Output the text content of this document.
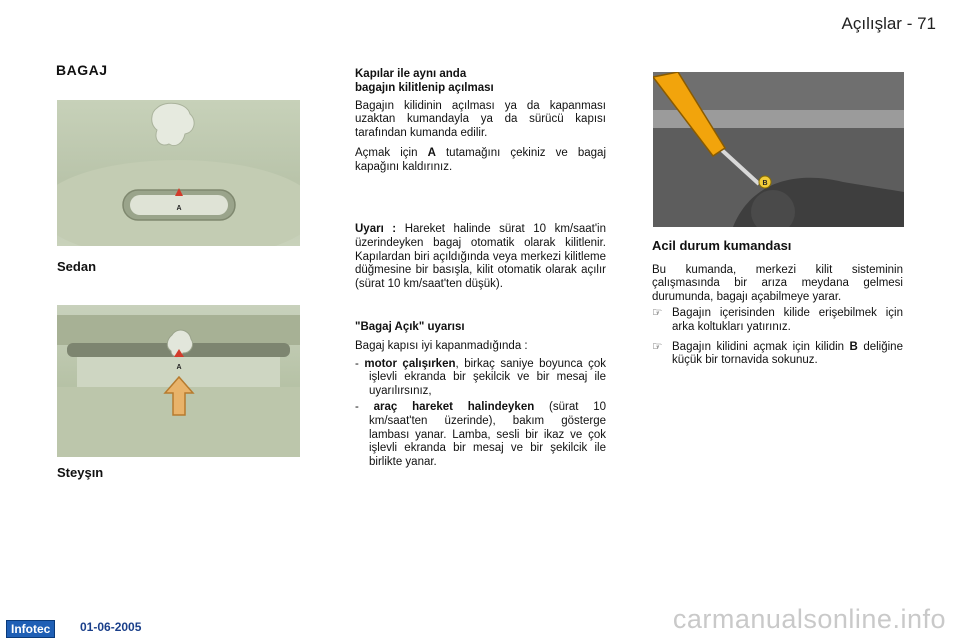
Açılışlar - 71
BAGAJ
A

Sedan

A

Steyşın

Kapılar ile aynı anda

bagajın kilitlenip açılması

Bagajın kilidinin açılması ya da kapanması uzaktan kumandayla ya da sürücü kapısı tarafından kumanda edilir.

Açmak için A tutamağını çekiniz ve bagaj kapağını kaldırınız.

Uyarı : Hareket halinde sürat 10 km/saat'in üzerindeyken bagaj otomatik olarak kilitlenir. Kapılardan biri açıldığında veya merkezi kilitleme düğmesine bir basışla, kilit otomatik olarak açılır (sürat 10 km/saat'ten düşük).

"Bagaj Açık" uyarısı

Bagaj kapısı iyi kapanmadığında :

- motor çalışırken, birkaç saniye boyunca çok işlevli ekranda bir şekilcik ve bir mesaj ile uyarılırsınız,

- araç hareket halindeyken (sürat 10 km/saat'ten üzerinde), bakım gösterge lambası yanar. Lamba, sesli bir ikaz ve çok işlevli ekranda bir mesaj ve bir şekilcik ile birlikte yanar.

B

Acil durum kumandası

Bu kumanda, merkezi kilit sisteminin çalışmasında bir arıza meydana gelmesi durumunda, bagajı açabilmeye yarar.

☞ Bagajın içerisinden kilide erişebilmek için arka koltukları yatırınız.

☞ Bagajın kilidini açmak için kilidin B deliğine küçük bir tornavida sokunuz.

Infotec	01-06-2005	carmanualsonline.info
